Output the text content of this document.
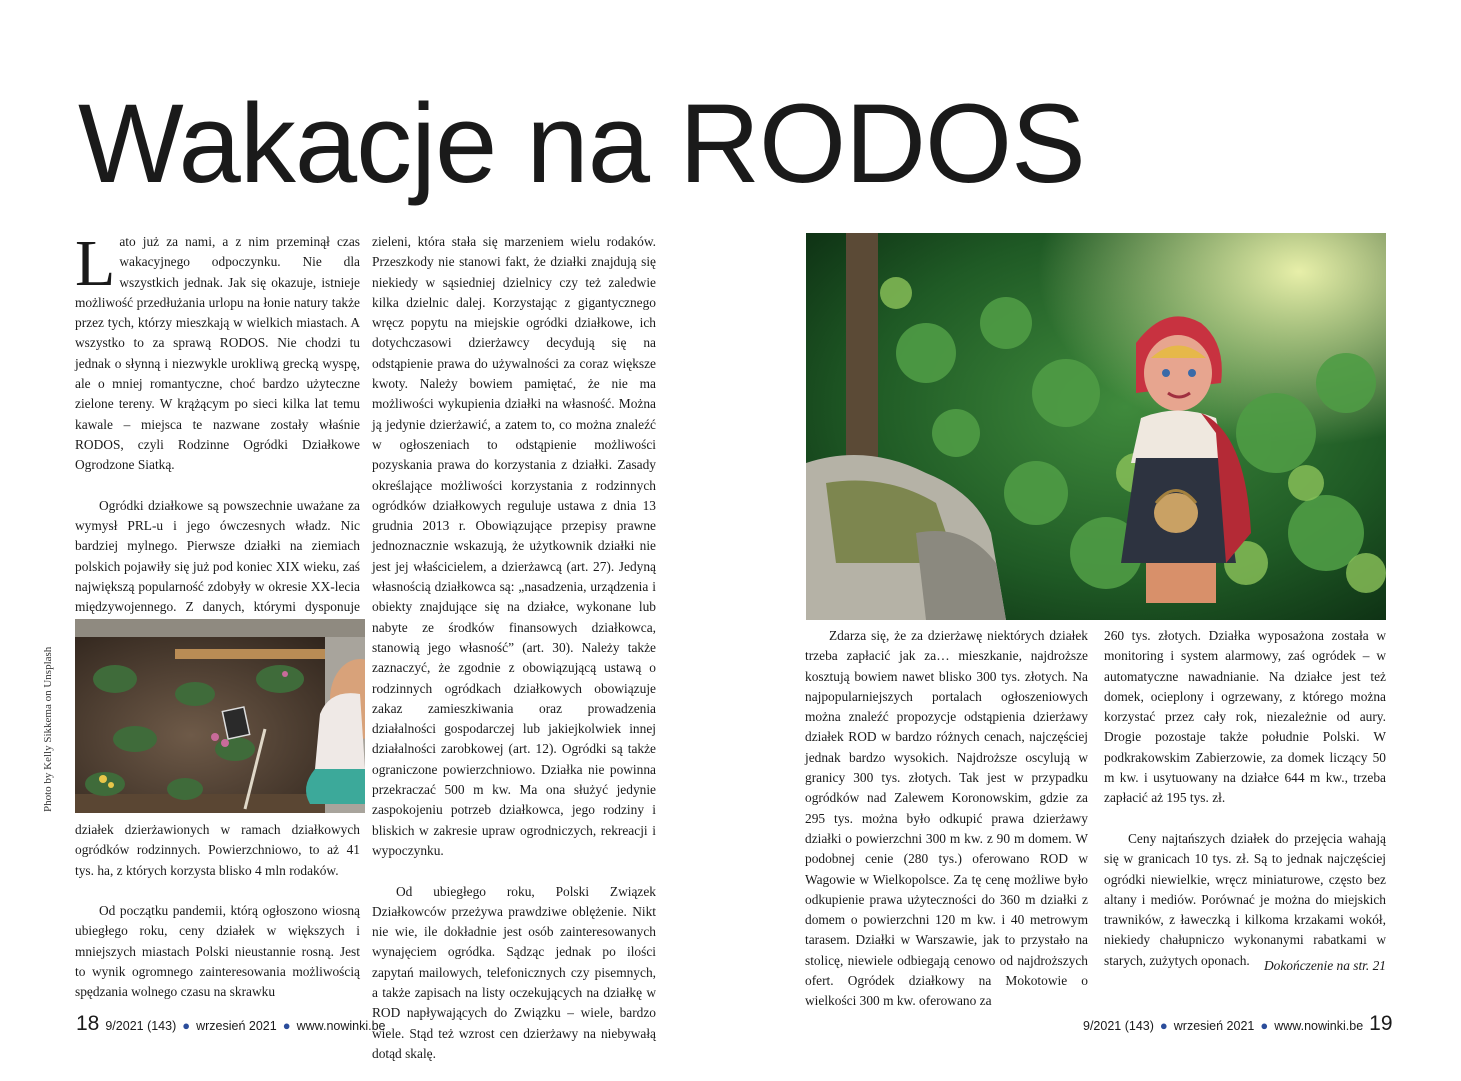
Wakacje na RODOS

Lato już za nami, a z nim przeminął czas wakacyjnego odpoczynku. Nie dla wszystkich jednak. Jak się okazuje, istnieje możliwość przedłużania urlopu na łonie natury także przez tych, którzy mieszkają w wielkich miastach. A wszystko to za sprawą RODOS. Nie chodzi tu jednak o słynną i niezwykle urokliwą grecką wyspę, ale o mniej romantyczne, choć bardzo użyteczne zielone tereny. W krążącym po sieci kilka lat temu kawale – miejsca te nazwane zostały właśnie RODOS, czyli Rodzinne Ogródki Działkowe Ogrodzone Siatką.

Ogródki działkowe są powszechnie uważane za wymysł PRL-u i jego ówczesnych władz. Nic bardziej mylnego. Pierwsze działki na ziemiach polskich pojawiły się już pod koniec XIX wieku, zaś największą popularność zdobyły w okresie XX-lecia międzywojennego. Z danych, którymi dysponuje

Photo by Kelly Sikkema on Unsplash

działek dzierżawionych w ramach działkowych ogródków rodzinnych. Powierzchniowo, to aż 41 tys. ha, z których korzysta blisko 4 mln rodaków.

Od początku pandemii, którą ogłoszono wiosną ubiegłego roku, ceny działek w większych i mniejszych miastach Polski nieustannie rosną. Jest to wynik ogromnego zainteresowania możliwością spędzania wolnego czasu na skrawku

zieleni, która stała się marzeniem wielu rodaków. Przeszkody nie stanowi fakt, że działki znajdują się niekiedy w sąsiedniej dzielnicy czy też zaledwie kilka dzielnic dalej. Korzystając z gigantycznego wręcz popytu na miejskie ogródki działkowe, ich dotychczasowi dzierżawcy decydują się na odstąpienie prawa do używalności za coraz większe kwoty. Należy bowiem pamiętać, że nie ma możliwości wykupienia działki na własność. Można ją jedynie dzierżawić, a zatem to, co można znaleźć w ogłoszeniach to odstąpienie możliwości pozyskania prawa do korzystania z działki. Zasady określające możliwości korzystania z rodzinnych ogródków działkowych reguluje ustawa z dnia 13 grudnia 2013 r. Obowiązujące przepisy prawne jednoznacznie wskazują, że użytkownik działki nie jest jej właścicielem, a dzierżawcą (art. 27). Jedyną własnością działkowca są: „nasadzenia, urządzenia i obiekty znajdujące się na działce, wykonane lub nabyte ze środków finansowych działkowca, stanowią jego własność” (art. 30). Należy także zaznaczyć, że zgodnie z obowiązującą ustawą o rodzinnych ogródkach działkowych obowiązuje zakaz zamieszkiwania oraz prowadzenia działalności gospodarczej lub jakiejkolwiek innej działalności zarobkowej (art. 12). Ogródki są także ograniczone powierzchniowo. Działka nie powinna przekraczać 500 m kw. Ma ona służyć jedynie zaspokojeniu potrzeb działkowca, jego rodziny i bliskich w zakresie upraw ogrodniczych, rekreacji i wypoczynku.

Od ubiegłego roku, Polski Związek Działkowców przeżywa prawdziwe oblężenie. Nikt nie wie, ile dokładnie jest osób zainteresowanych wynajęciem ogródka. Sądząc jednak po ilości zapytań mailowych, telefonicznych czy pisemnych, a także zapisach na listy oczekujących na działkę w ROD napływających do Związku – wiele, bardzo wiele. Stąd też wzrost cen dzierżawy na niebywałą dotąd skalę.

Zdarza się, że za dzierżawę niektórych działek trzeba zapłacić jak za… mieszkanie, najdroższe kosztują bowiem nawet blisko 300 tys. złotych. Na najpopularniejszych portalach ogłoszeniowych można znaleźć propozycje odstąpienia dzierżawy działek ROD w bardzo różnych cenach, najczęściej jednak bardzo wysokich. Najdroższe oscylują w granicy 300 tys. złotych. Tak jest w przypadku ogródków nad Zalewem Koronowskim, gdzie za 295 tys. można było odkupić prawa dzierżawy działki o powierzchni 300 m kw. z 90 m domem. W podobnej cenie (280 tys.) oferowano ROD w Wagowie w Wielkopolsce. Za tę cenę możliwe było odkupienie prawa użyteczności do 360 m działki z domem o powierzchni 120 m kw. i 40 metrowym tarasem. Działki w Warszawie, jak to przystało na stolicę, niewiele odbiegają cenowo od najdroższych ofert. Ogródek działkowy na Mokotowie o wielkości 300 m kw. oferowano za

260 tys. złotych. Działka wyposażona została w monitoring i system alarmowy, zaś ogródek – w automatyczne nawadnianie. Na działce jest też domek, ocieplony i ogrzewany, z którego można korzystać przez cały rok, niezależnie od aury. Drogie pozostaje także południe Polski. W podkrakowskim Zabierzowie, za domek liczący 50 m kw. i usytuowany na działce 644 m kw., trzeba zapłacić aż 195 tys. zł.

Ceny najtańszych działek do przejęcia wahają się w granicach 10 tys. zł. Są to jednak najczęściej ogródki niewielkie, wręcz miniaturowe, często bez altany i mediów. Porównać je można do miejskich trawników, z ławeczką i kilkoma krzakami wokół, niekiedy chałupniczo wykonanymi rabatkami w starych, zużytych oponach.	Dokończenie na str. 21
18 9/2021 (143) ● wrzesień 2021 ● www.nowinki.be	9/2021 (143) ● wrzesień 2021 ● www.nowinki.be 19
